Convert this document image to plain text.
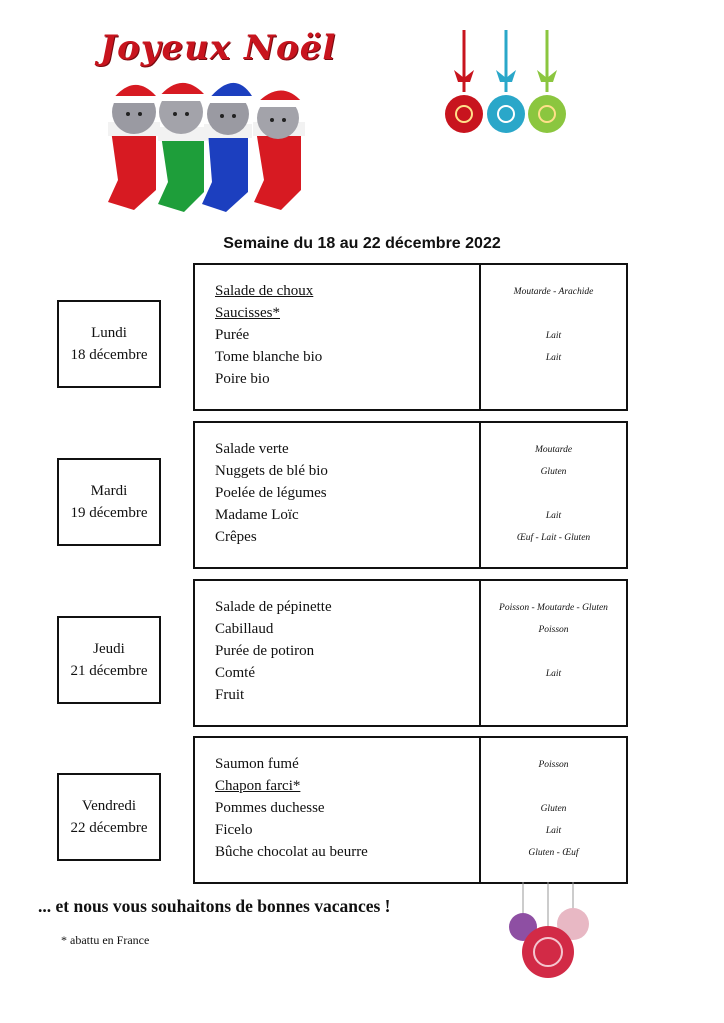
Joyeux Noël
Semaine du 18 au 22 décembre 2022
Lundi
18 décembre
Salade de choux	Moutarde - Arachide
Saucisses*
Purée	Lait
Tome blanche bio	Lait
Poire bio
Mardi
19 décembre
Salade verte	Moutarde
Nuggets de blé bio	Gluten
Poelée de légumes
Madame Loïc	Lait
Crêpes	Œuf - Lait - Gluten
Jeudi
21 décembre
Salade de pépinette	Poisson - Moutarde - Gluten
Cabillaud	Poisson
Purée de potiron
Comté	Lait
Fruit
Vendredi
22 décembre
Saumon fumé	Poisson
Chapon farci*
Pommes duchesse	Gluten
Ficelo	Lait
Bûche chocolat au beurre	Gluten - Œuf
... et nous vous souhaitons de bonnes vacances !
* abattu en France
